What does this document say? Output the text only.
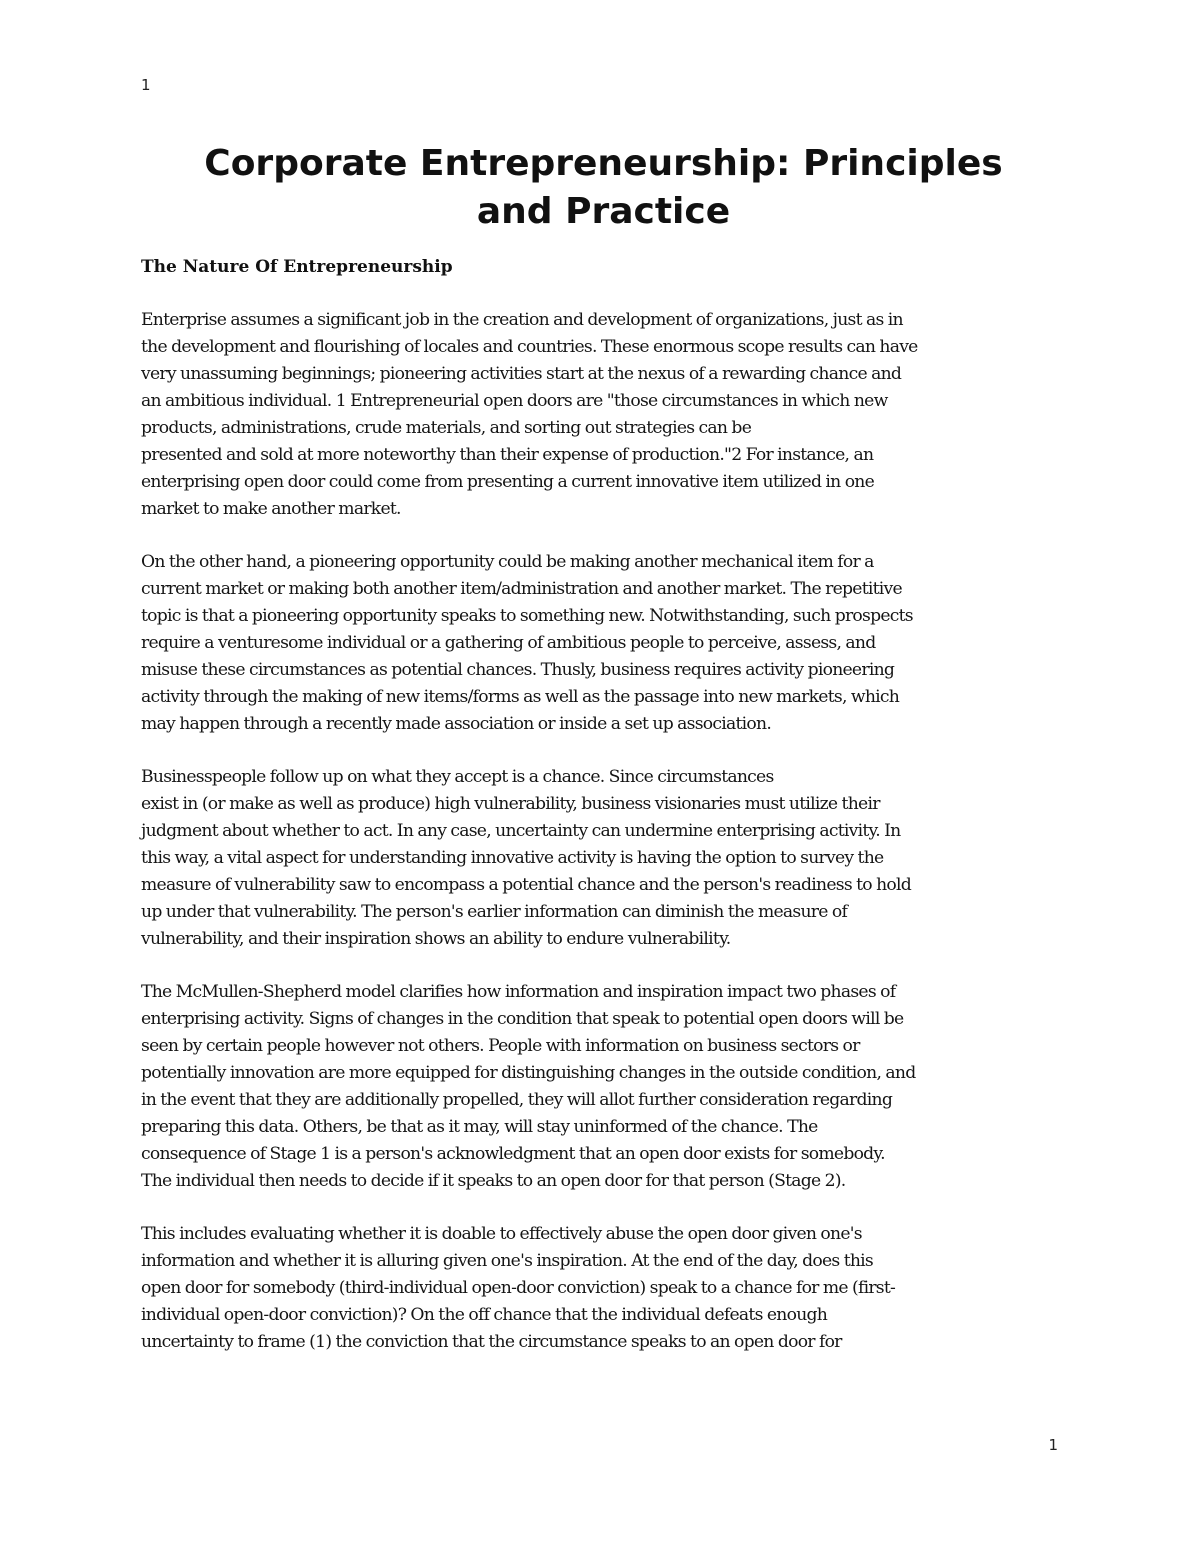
1
Corporate Entrepreneurship: Principles
and Practice
The Nature Of Entrepreneurship

Enterprise assumes a significant job in the creation and development of organizations, just as in
the development and flourishing of locales and countries. These enormous scope results can have
very unassuming beginnings; pioneering activities start at the nexus of a rewarding chance and
an ambitious individual. 1 Entrepreneurial open doors are "those circumstances in which new
products, administrations, crude materials, and sorting out strategies can be
presented and sold at more noteworthy than their expense of production."2 For instance, an
enterprising open door could come from presenting a current innovative item utilized in one
market to make another market.

On the other hand, a pioneering opportunity could be making another mechanical item for a
current market or making both another item/administration and another market. The repetitive
topic is that a pioneering opportunity speaks to something new. Notwithstanding, such prospects
require a venturesome individual or a gathering of ambitious people to perceive, assess, and
misuse these circumstances as potential chances. Thusly, business requires activity pioneering
activity through the making of new items/forms as well as the passage into new markets, which
may happen through a recently made association or inside a set up association.

Businesspeople follow up on what they accept is a chance. Since circumstances
exist in (or make as well as produce) high vulnerability, business visionaries must utilize their
judgment about whether to act. In any case, uncertainty can undermine enterprising activity. In
this way, a vital aspect for understanding innovative activity is having the option to survey the
measure of vulnerability saw to encompass a potential chance and the person's readiness to hold
up under that vulnerability. The person's earlier information can diminish the measure of
vulnerability, and their inspiration shows an ability to endure vulnerability.

The McMullen-Shepherd model clarifies how information and inspiration impact two phases of
enterprising activity. Signs of changes in the condition that speak to potential open doors will be
seen by certain people however not others. People with information on business sectors or
potentially innovation are more equipped for distinguishing changes in the outside condition, and
in the event that they are additionally propelled, they will allot further consideration regarding
preparing this data. Others, be that as it may, will stay uninformed of the chance. The
consequence of Stage 1 is a person's acknowledgment that an open door exists for somebody.
The individual then needs to decide if it speaks to an open door for that person (Stage 2).

This includes evaluating whether it is doable to effectively abuse the open door given one's
information and whether it is alluring given one's inspiration. At the end of the day, does this
open door for somebody (third-individual open-door conviction) speak to a chance for me (first-
individual open-door conviction)? On the off chance that the individual defeats enough
uncertainty to frame (1) the conviction that the circumstance speaks to an open door for

1
